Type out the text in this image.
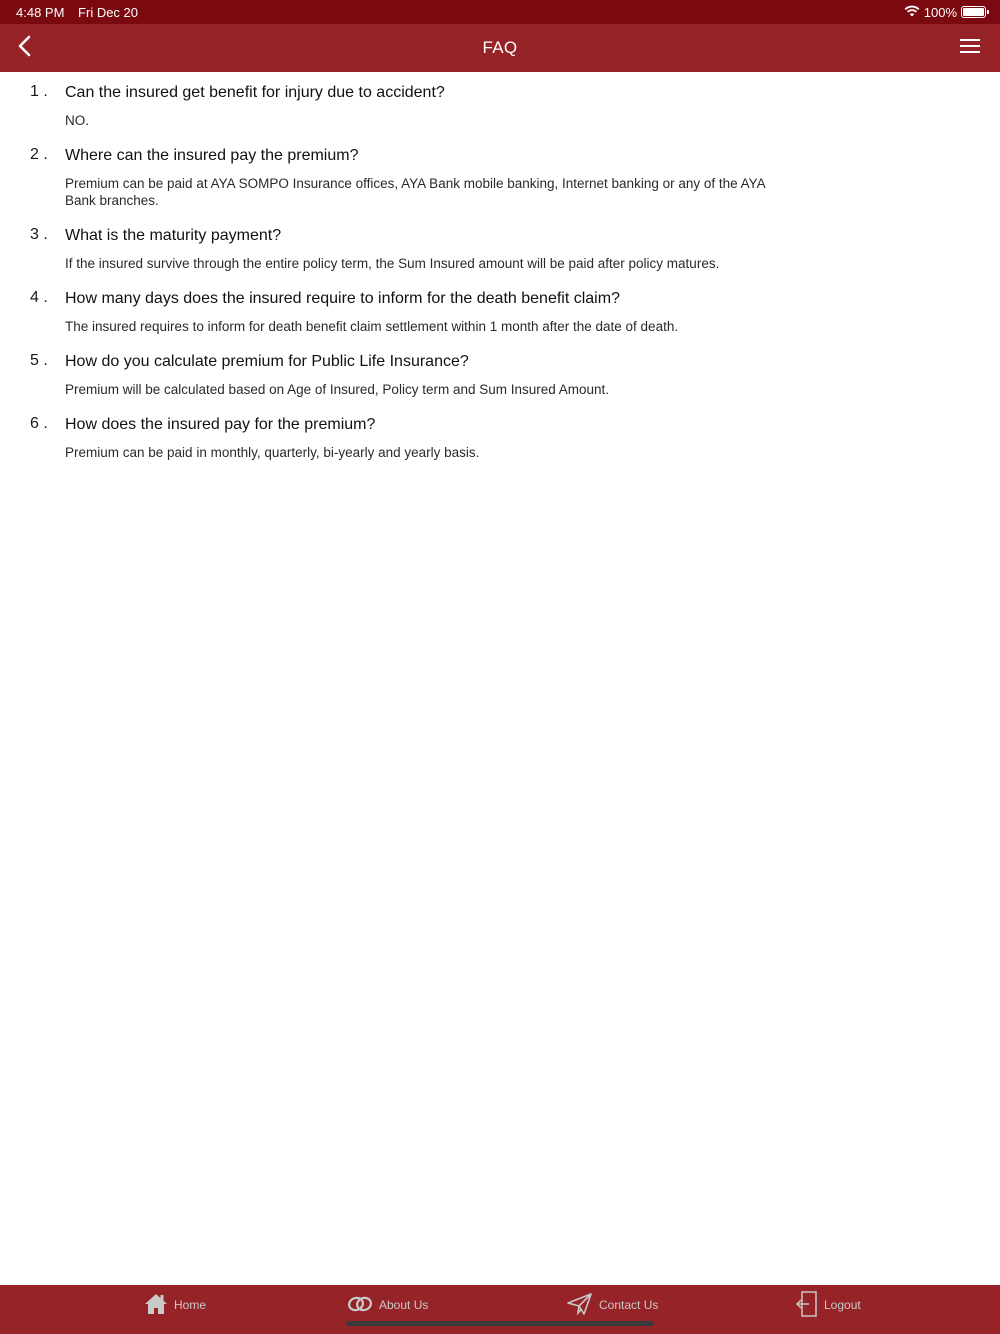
4:48 PM Fri Dec 20	100%
FAQ
1 . Can the insured get benefit for injury due to accident?
NO.
2 . Where can the insured pay the premium?
Premium can be paid at AYA SOMPO Insurance offices, AYA Bank mobile banking, Internet banking or any of the AYA Bank branches.
3 . What is the maturity payment?
If the insured survive through the entire policy term, the Sum Insured amount will be paid after policy matures.
4 . How many days does the insured require to inform for the death benefit claim?
The insured requires to inform for death benefit claim settlement within 1 month after the date of death.
5 . How do you calculate premium for Public Life Insurance?
Premium will be calculated based on Age of Insured, Policy term and Sum Insured Amount.
6 . How does the insured pay for the premium?
Premium can be paid in monthly, quarterly, bi-yearly and yearly basis.
Home	About Us	Contact Us	Logout
